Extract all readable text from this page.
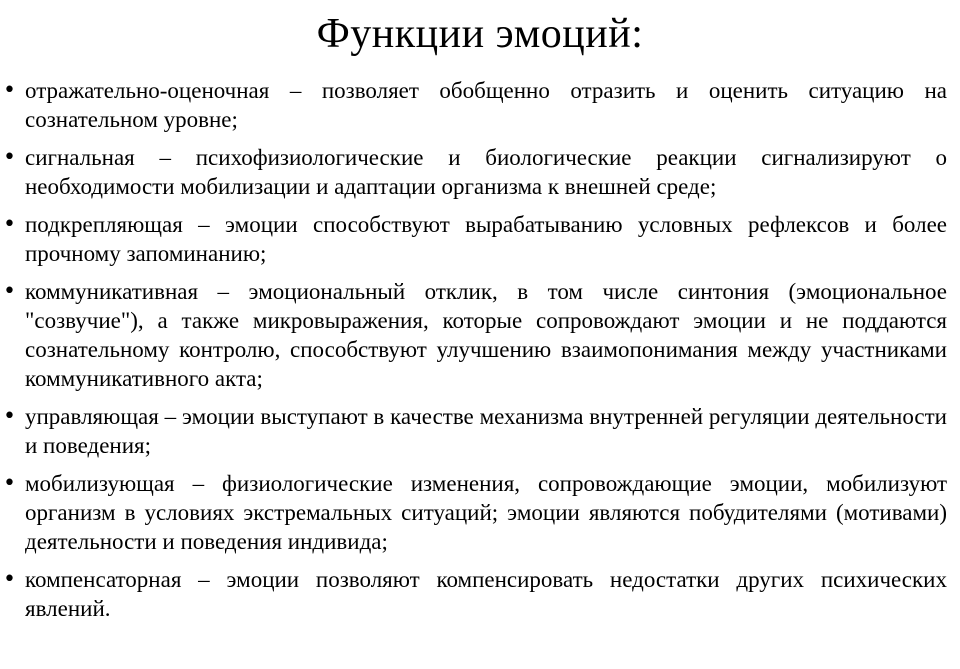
Функции эмоций:
• отражательно-оценочная – позволяет обобщенно отразить и оценить ситуацию на сознательном уровне;
• сигнальная – психофизиологические и биологические реакции сигнализируют о необходимости мобилизации и адаптации организма к внешней среде;
• подкрепляющая – эмоции способствуют вырабатыванию условных рефлексов и более прочному запоминанию;
• коммуникативная – эмоциональный отклик, в том числе синтония (эмоциональное "созвучие"), а также микровыражения, которые сопровождают эмоции и не поддаются сознательному контролю, способствуют улучшению взаимопонимания между участниками коммуникативного акта;
• управляющая – эмоции выступают в качестве механизма внутренней регуляции деятельности и поведения;
• мобилизующая – физиологические изменения, сопровождающие эмоции, мобилизуют организм в условиях экстремальных ситуаций; эмоции являются побудителями (мотивами) деятельности и поведения индивида;
• компенсаторная – эмоции позволяют компенсировать недостатки других психических явлений.
